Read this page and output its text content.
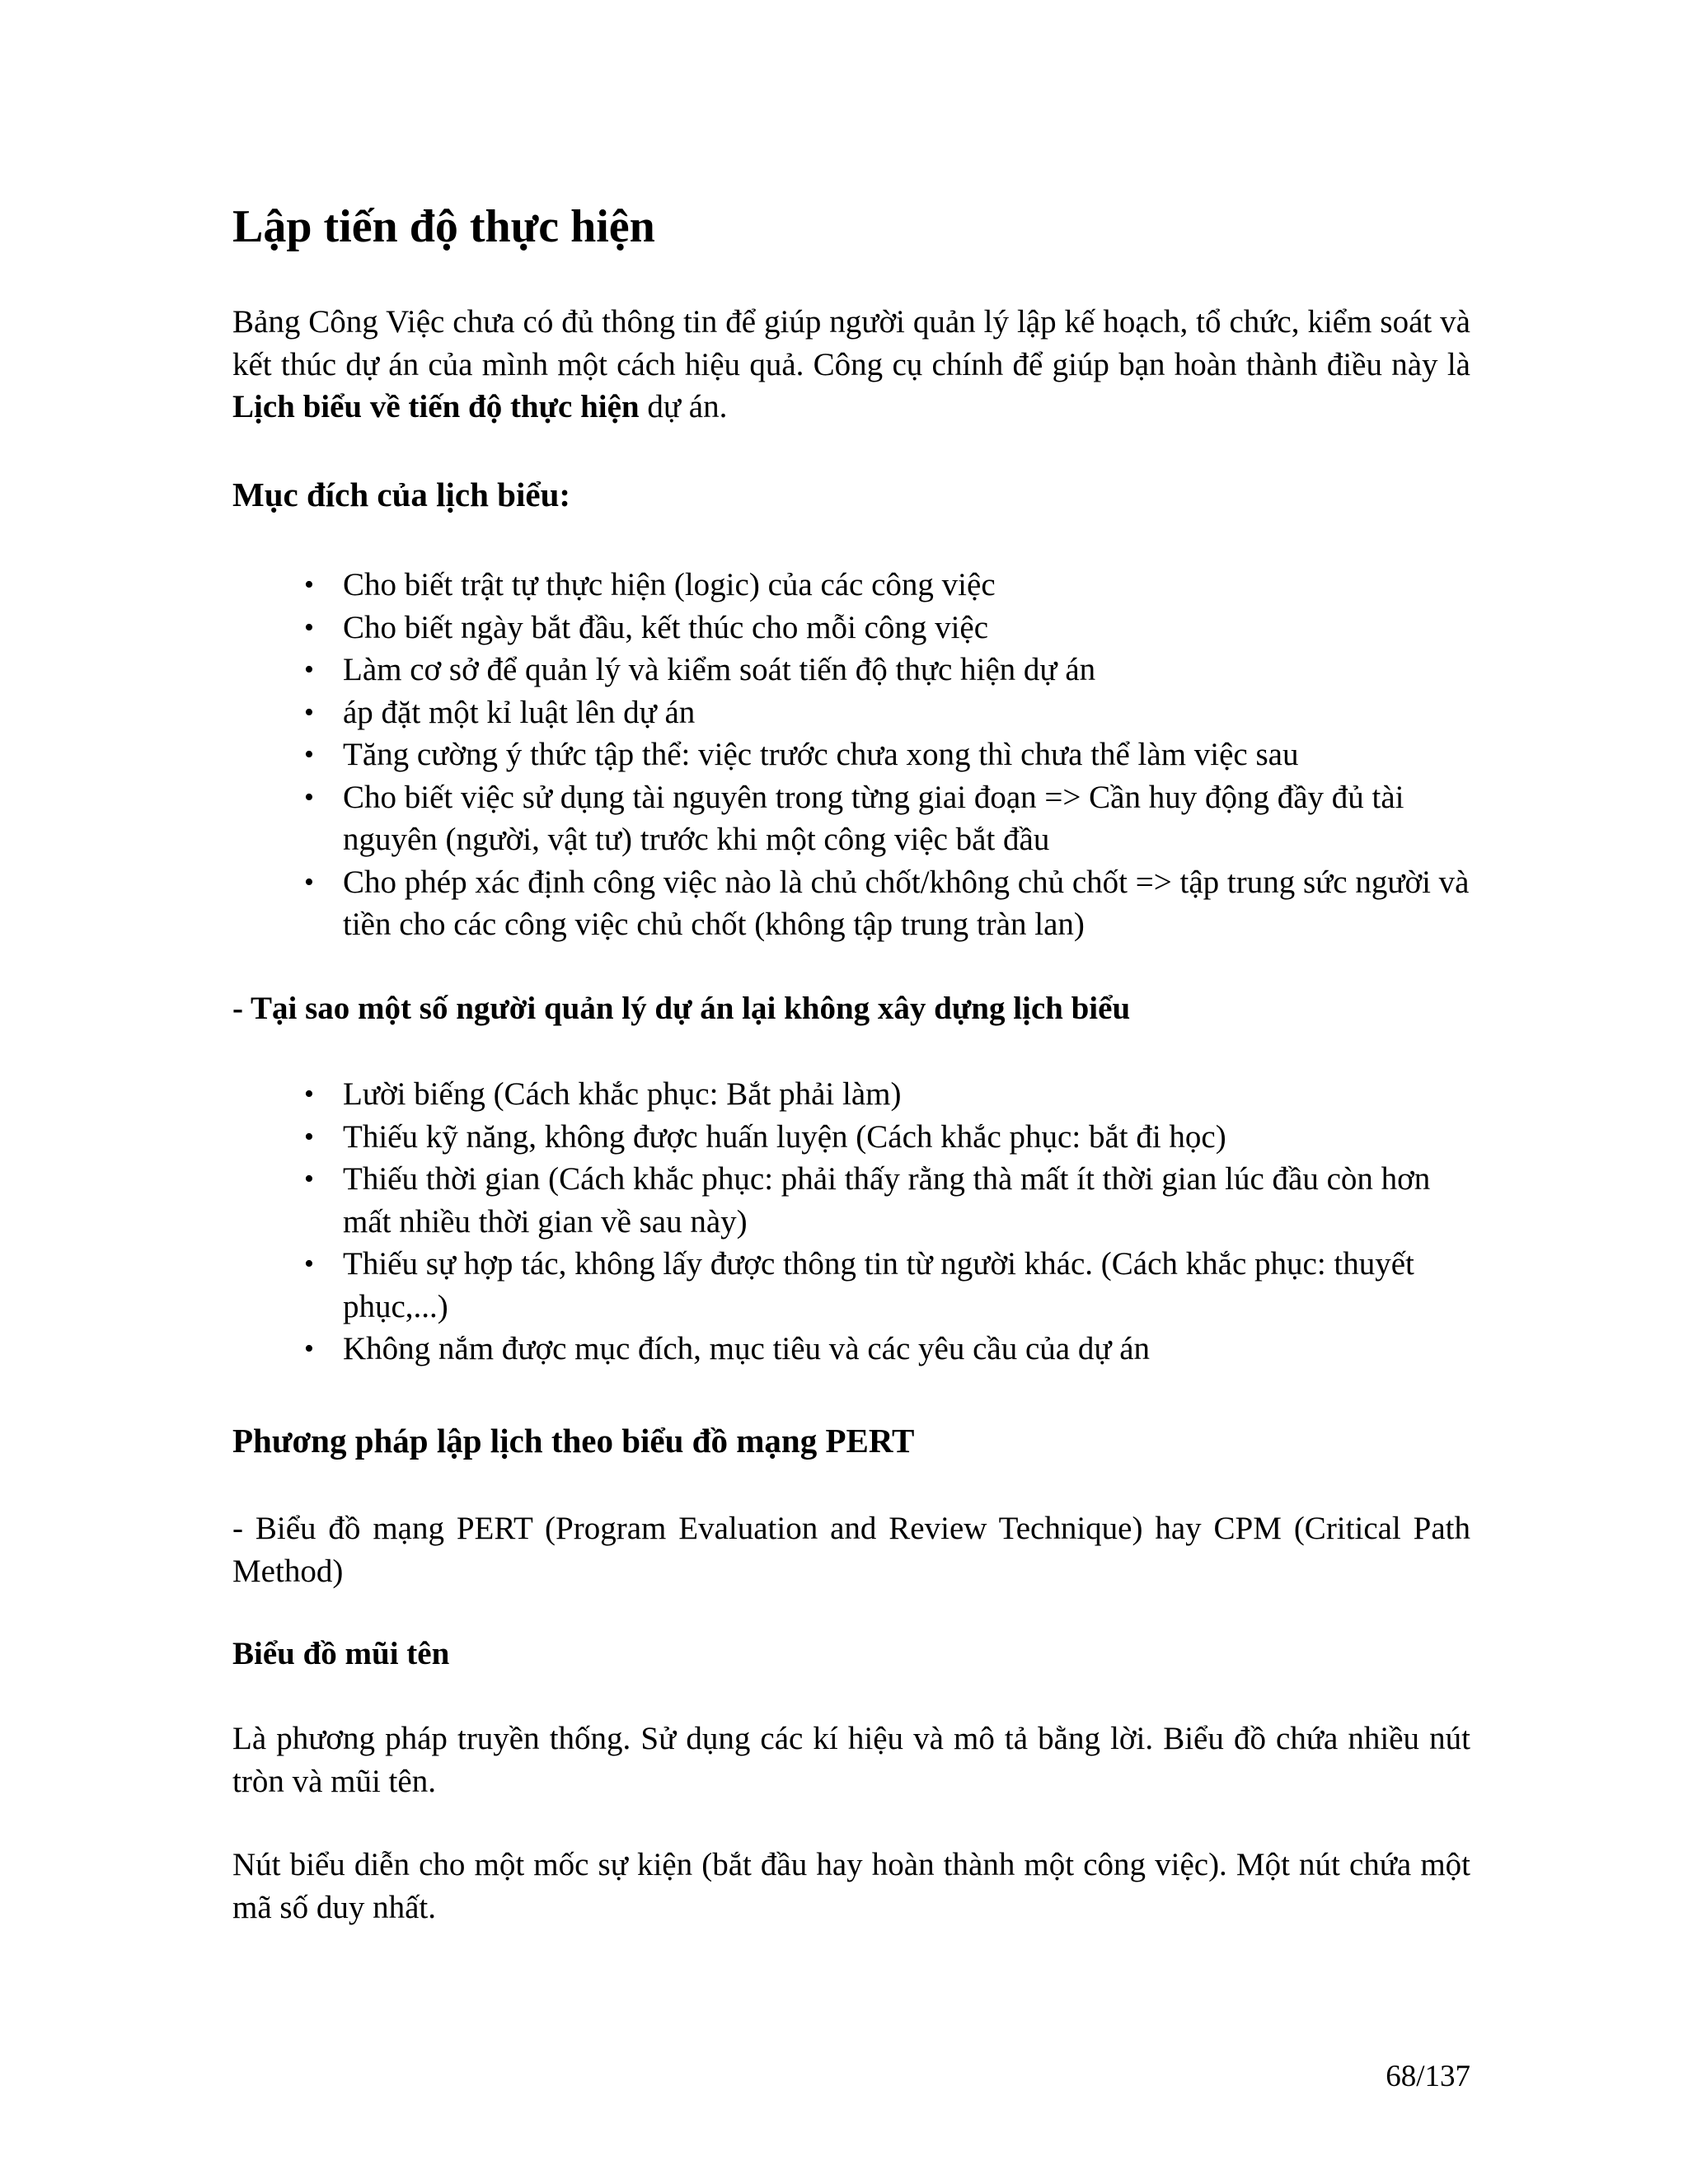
Lập tiến độ thực hiện

Bảng Công Việc chưa có đủ thông tin để giúp người quản lý lập kế hoạch, tổ chức, kiểm soát và kết thúc dự án của mình một cách hiệu quả. Công cụ chính để giúp bạn hoàn thành điều này là Lịch biểu về tiến độ thực hiện dự án.

Mục đích của lịch biểu:
• Cho biết trật tự thực hiện (logic) của các công việc
• Cho biết ngày bắt đầu, kết thúc cho mỗi công việc
• Làm cơ sở để quản lý và kiểm soát tiến độ thực hiện dự án
• áp đặt một kỉ luật lên dự án
• Tăng cường ý thức tập thể: việc trước chưa xong thì chưa thể làm việc sau
• Cho biết việc sử dụng tài nguyên trong từng giai đoạn => Cần huy động đầy đủ tài nguyên (người, vật tư) trước khi một công việc bắt đầu
• Cho phép xác định công việc nào là chủ chốt/không chủ chốt => tập trung sức người và tiền cho các công việc chủ chốt (không tập trung tràn lan)
- Tại sao một số người quản lý dự án lại không xây dựng lịch biểu
• Lười biếng (Cách khắc phục: Bắt phải làm)
• Thiếu kỹ năng, không được huấn luyện (Cách khắc phục: bắt đi học)
• Thiếu thời gian (Cách khắc phục: phải thấy rằng thà mất ít thời gian lúc đầu còn hơn mất nhiều thời gian về sau này)
• Thiếu sự hợp tác, không lấy được thông tin từ người khác. (Cách khắc phục: thuyết phục,...)
• Không nắm được mục đích, mục tiêu và các yêu cầu của dự án
Phương pháp lập lịch theo biểu đồ mạng PERT

- Biểu đồ mạng PERT (Program Evaluation and Review Technique) hay CPM (Critical Path Method)

Biểu đồ mũi tên

Là phương pháp truyền thống. Sử dụng các kí hiệu và mô tả bằng lời. Biểu đồ chứa nhiều nút tròn và mũi tên.

Nút biểu diễn cho một mốc sự kiện (bắt đầu hay hoàn thành một công việc). Một nút chứa một mã số duy nhất.

68/137
